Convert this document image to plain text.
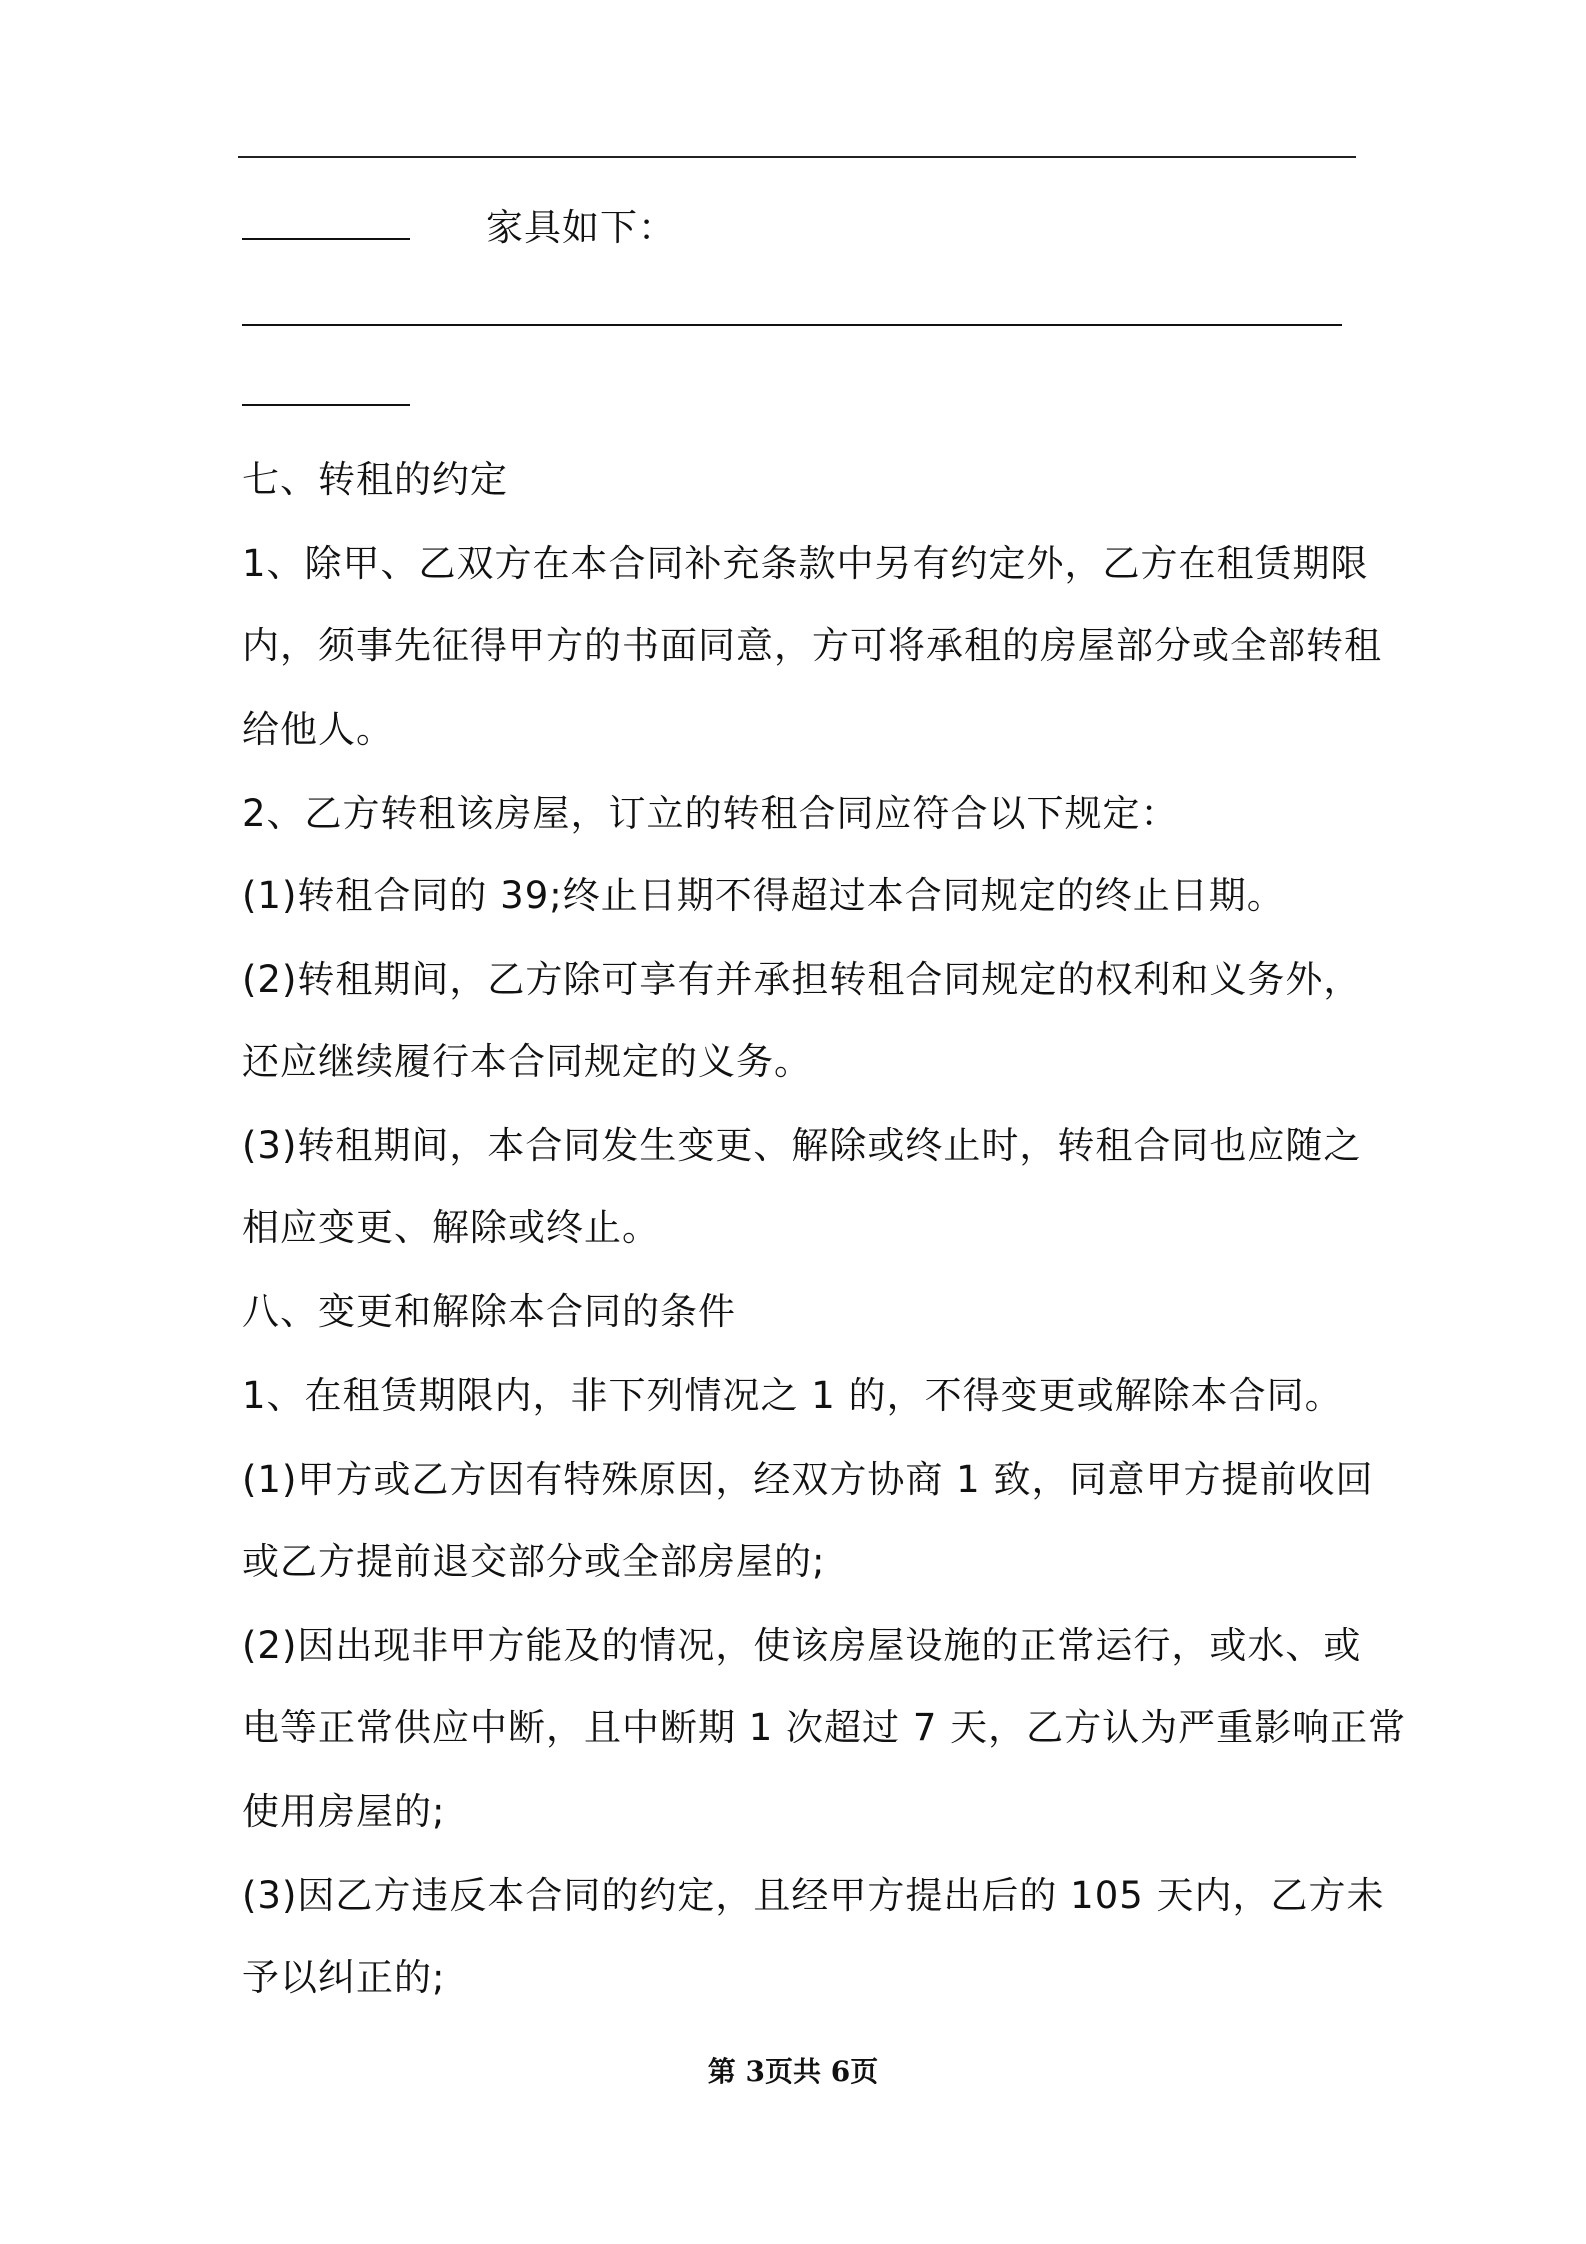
家具如下：
七、转租的约定
1、除甲、乙双方在本合同补充条款中另有约定外，乙方在租赁期限
内，须事先征得甲方的书面同意，方可将承租的房屋部分或全部转租
给他人。
2、乙方转租该房屋，订立的转租合同应符合以下规定：
(1)转租合同的 39;终止日期不得超过本合同规定的终止日期。
(2)转租期间，乙方除可享有并承担转租合同规定的权利和义务外，
还应继续履行本合同规定的义务。
(3)转租期间，本合同发生变更、解除或终止时，转租合同也应随之
相应变更、解除或终止。
八、变更和解除本合同的条件
1、在租赁期限内，非下列情况之 1 的，不得变更或解除本合同。
(1)甲方或乙方因有特殊原因，经双方协商 1 致，同意甲方提前收回
或乙方提前退交部分或全部房屋的;
(2)因出现非甲方能及的情况，使该房屋设施的正常运行，或水、或
电等正常供应中断，且中断期 1 次超过 7 天，乙方认为严重影响正常
使用房屋的;
(3)因乙方违反本合同的约定，且经甲方提出后的 105 天内，乙方未
予以纠正的;
第 3页共 6页
